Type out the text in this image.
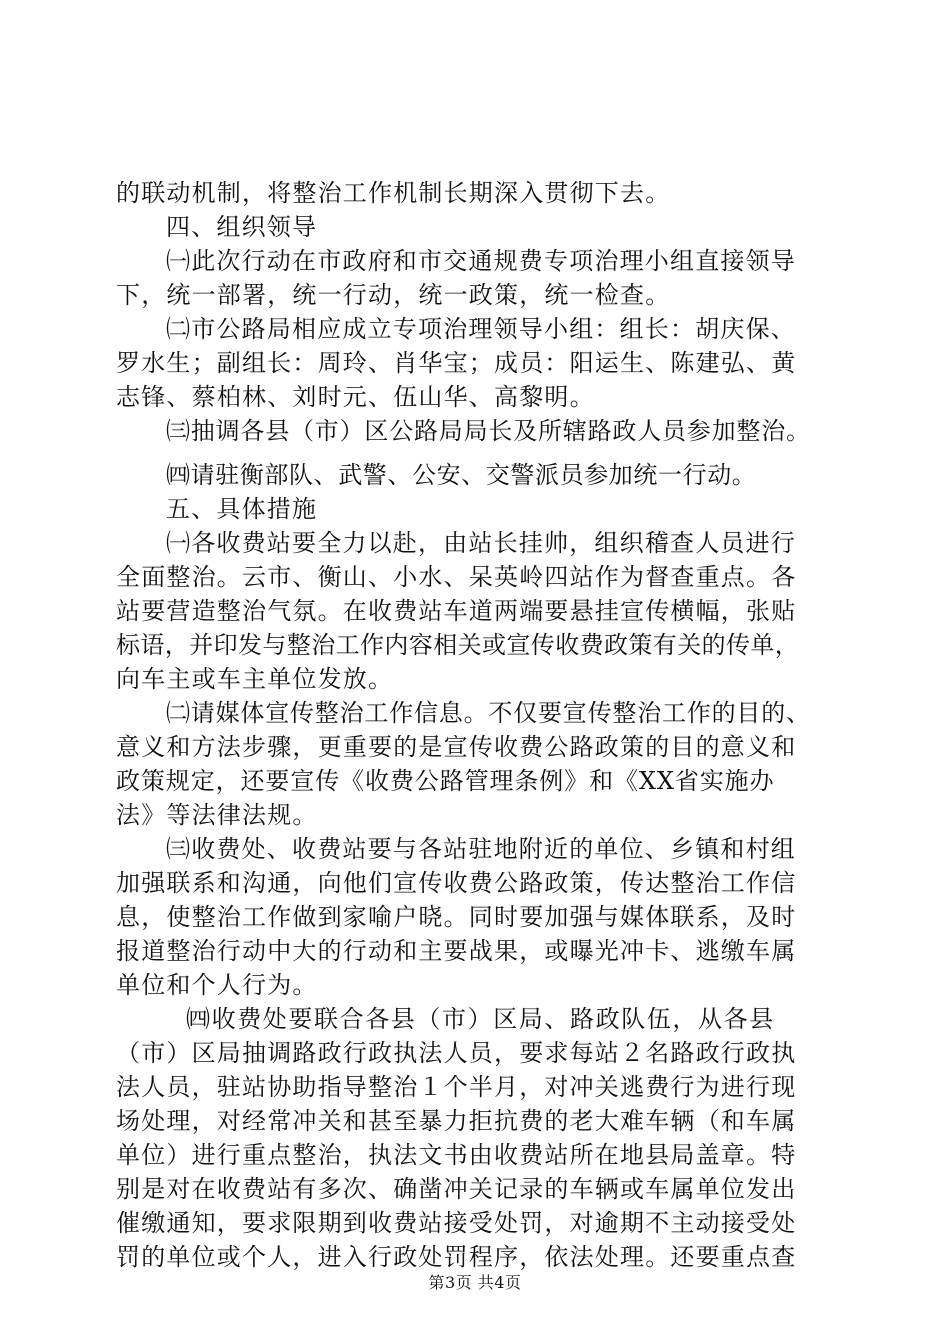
的联动机制，将整治工作机制长期深入贯彻下去。
四、组织领导
㈠此次行动在市政府和市交通规费专项治理小组直接领导
下，统一部署，统一行动，统一政策，统一检查。
㈡市公路局相应成立专项治理领导小组：组长：胡庆保、
罗水生；副组长：周玲、肖华宝；成员：阳运生、陈建弘、黄
志锋、蔡柏林、刘时元、伍山华、高黎明。
㈢抽调各县（市）区公路局局长及所辖路政人员参加整治。
㈣请驻衡部队、武警、公安、交警派员参加统一行动。
五、具体措施
㈠各收费站要全力以赴，由站长挂帅，组织稽查人员进行
全面整治。云市、衡山、小水、呆英岭四站作为督查重点。各
站要营造整治气氛。在收费站车道两端要悬挂宣传横幅，张贴
标语，并印发与整治工作内容相关或宣传收费政策有关的传单，
向车主或车主单位发放。
㈡请媒体宣传整治工作信息。不仅要宣传整治工作的目的、
意义和方法步骤，更重要的是宣传收费公路政策的目的意义和
政策规定，还要宣传《收费公路管理条例》和《XX省实施办
法》等法律法规。
㈢收费处、收费站要与各站驻地附近的单位、乡镇和村组
加强联系和沟通，向他们宣传收费公路政策，传达整治工作信
息，使整治工作做到家喻户晓。同时要加强与媒体联系，及时
报道整治行动中大的行动和主要战果，或曝光冲卡、逃缴车属
单位和个人行为。
㈣收费处要联合各县（市）区局、路政队伍，从各县
（市）区局抽调路政行政执法人员，要求每站２名路政行政执
法人员，驻站协助指导整治１个半月，对冲关逃费行为进行现
场处理，对经常冲关和甚至暴力拒抗费的老大难车辆（和车属
单位）进行重点整治，执法文书由收费站所在地县局盖章。特
别是对在收费站有多次、确凿冲关记录的车辆或车属单位发出
催缴通知，要求限期到收费站接受处罚，对逾期不主动接受处
罚的单位或个人，进入行政处罚程序，依法处理。还要重点查
第3页 共4页
